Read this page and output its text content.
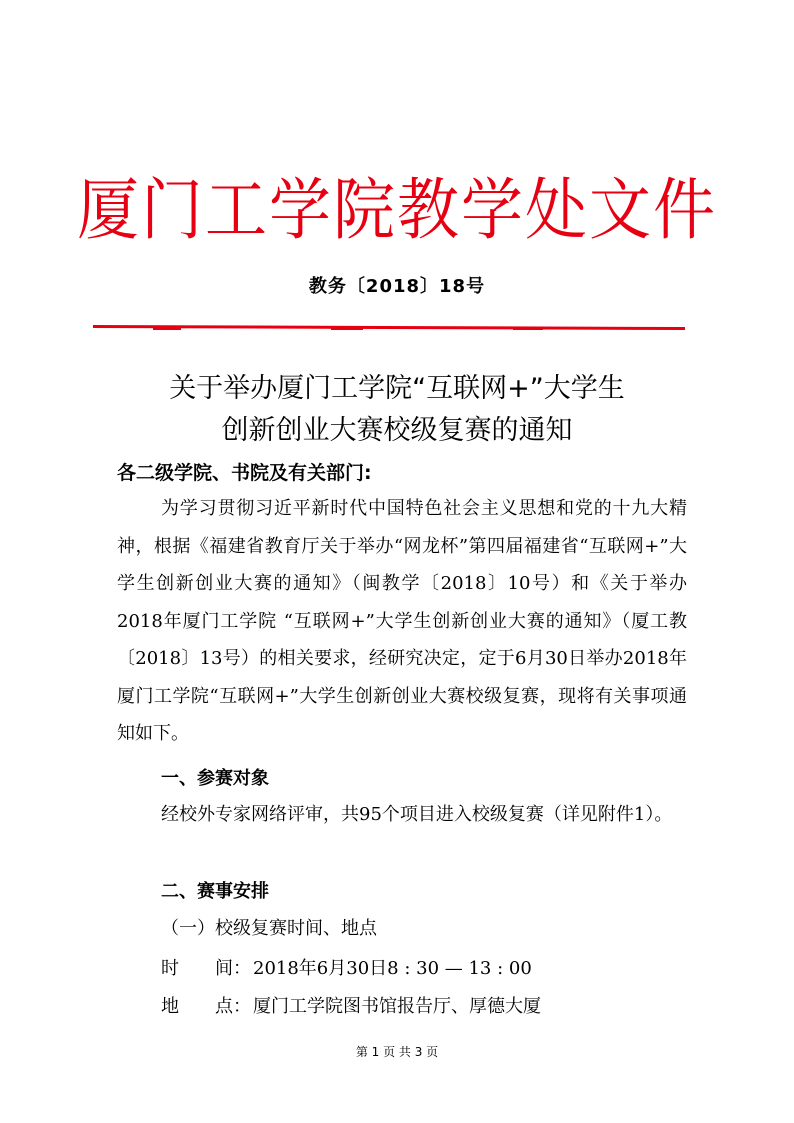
厦门工学院教学处文件
教务〔2018〕18号
关于举办厦门工学院“互联网+”大学生
创新创业大赛校级复赛的通知
各二级学院、书院及有关部门:
为学习贯彻习近平新时代中国特色社会主义思想和党的十九大精神，根据《福建省教育厅关于举办“网龙杯”第四届福建省“互联网+”大学生创新创业大赛的通知》（闽教学〔2018〕10号）和《关于举办2018年厦门工学院 “互联网+”大学生创新创业大赛的通知》（厦工教〔2018〕13号）的相关要求，经研究决定，定于6月30日举办2018年厦门工学院“互联网+”大学生创新创业大赛校级复赛，现将有关事项通知如下。
一、参赛对象
经校外专家网络评审，共95个项目进入校级复赛（详见附件1）。
二、赛事安排
（一）校级复赛时间、地点
时　　间： 2018年6月30日8 : 30 — 13 : 00
地　　点： 厦门工学院图书馆报告厅、厚德大厦
第 1 页 共 3 页
